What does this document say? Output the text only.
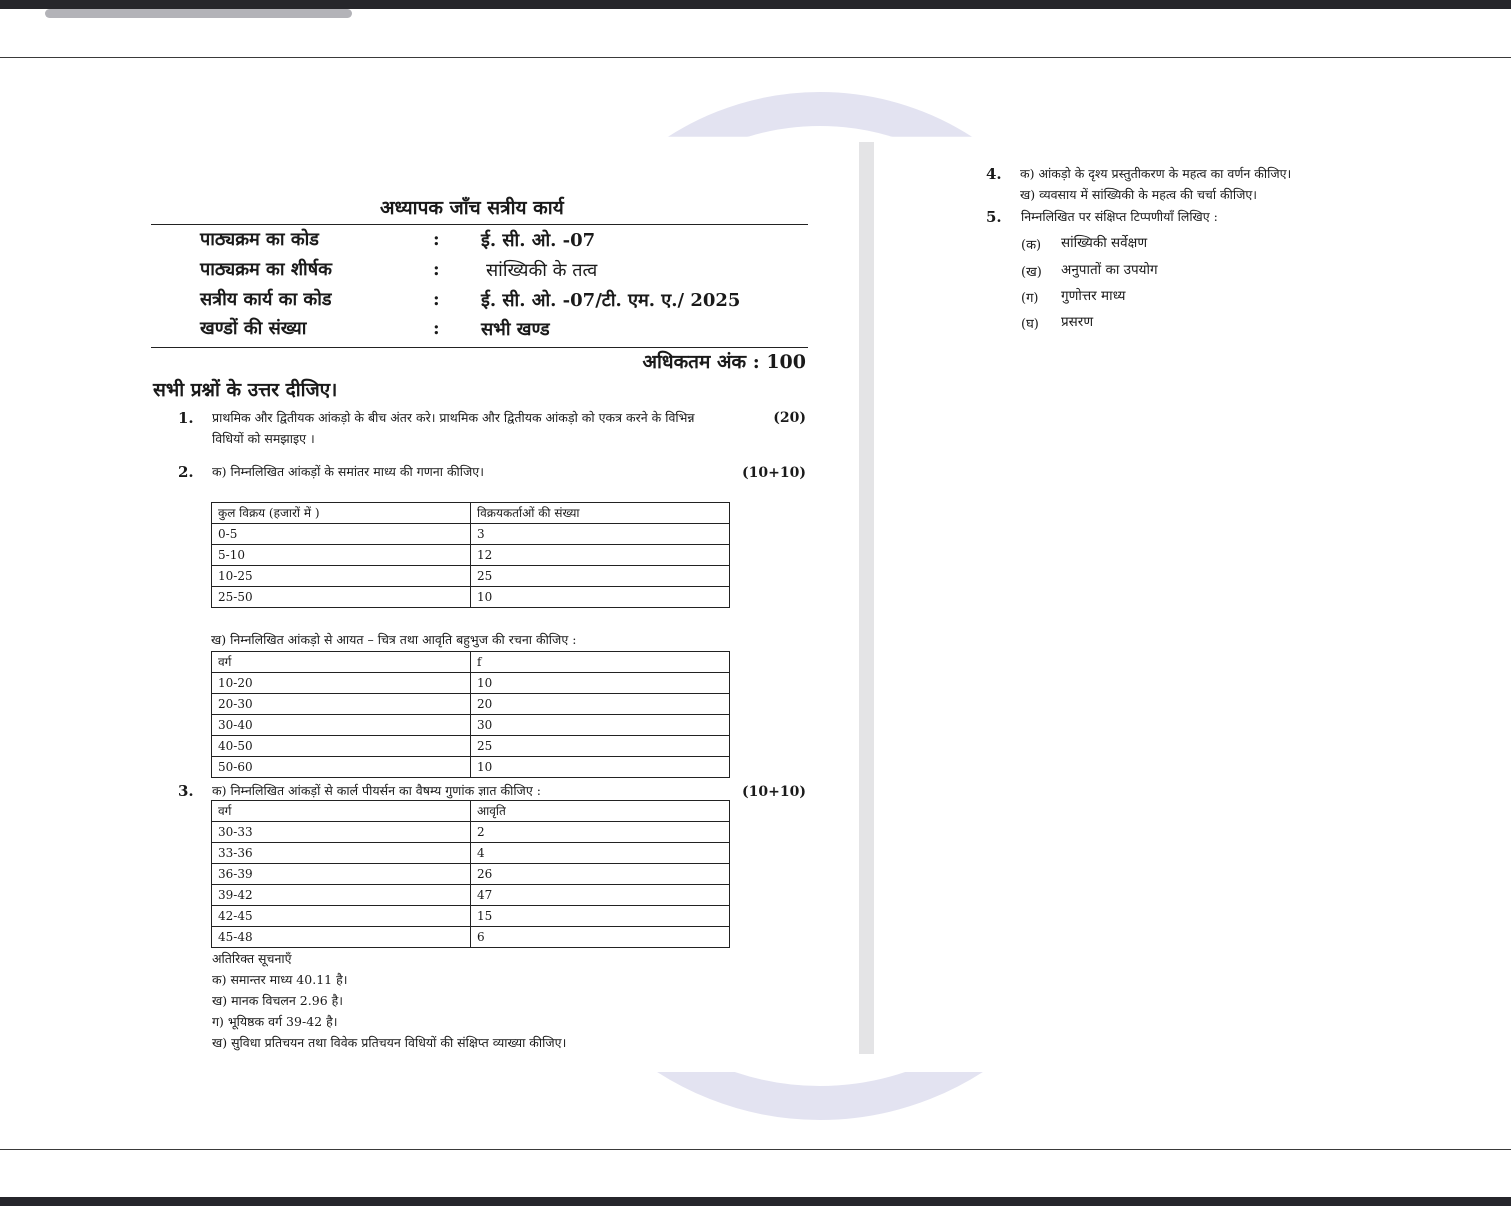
अध्यापक जाँच सत्रीय कार्य
पाठ्यक्रम का कोड	: ई. सी. ओ. -07
पाठ्यक्रम का शीर्षक	:	सांख्यिकी के तत्व
सत्रीय कार्य का कोड	: ई. सी. ओ. -07/टी. एम. ए./ 2025
खण्डों की संख्या	: सभी खण्ड
अधिकतम अंक : 100
सभी प्रश्नों के उत्तर दीजिए।
1. प्राथमिक और द्वितीयक आंकड़ो के बीच अंतर करे। प्राथमिक और द्वितीयक आंकड़ो को एकत्र करने के विभिन्न
विधियों को समझाइए ।
(20)
2. क) निम्नलिखित आंकड़ों के समांतर माध्य की गणना कीजिए।	(10+10)
कुल विक्रय (हजारों में )	विक्रयकर्ताओं की संख्या
0-5	3
5-10	12
10-25	25
25-50	10
ख) निम्नलिखित आंकड़ो से आयत – चित्र तथा आवृति बहुभुज की रचना कीजिए :
वर्ग	f
10-20	10
20-30	20
30-40	30
40-50	25
50-60	10
3. क) निम्नलिखित आंकड़ों से कार्ल पीयर्सन का वैषम्य गुणांक ज्ञात कीजिए :	(10+10)
वर्ग	आवृति
30-33	2
33-36	4
36-39	26
39-42	47
42-45	15
45-48	6
अतिरिक्त सूचनाएँ
क) समान्तर माध्य 40.11 है।
ख) मानक विचलन 2.96 है।
ग) भूयिष्ठक वर्ग 39-42 है।
ख) सुविधा प्रतिचयन तथा विवेक प्रतिचयन विधियों की संक्षिप्त व्याख्या कीजिए।
4. क) आंकड़ो के दृश्य प्रस्तुतीकरण के महत्व का वर्णन कीजिए।
ख) व्यवसाय में सांख्यिकी के महत्व की चर्चा कीजिए।
5. निम्नलिखित पर संक्षिप्त टिप्पणीयाँ लिखिए :
(क) सांख्यिकी सर्वेक्षण
(ख) अनुपातों का उपयोग
(ग) गुणोत्तर माध्य
(घ) प्रसरण
